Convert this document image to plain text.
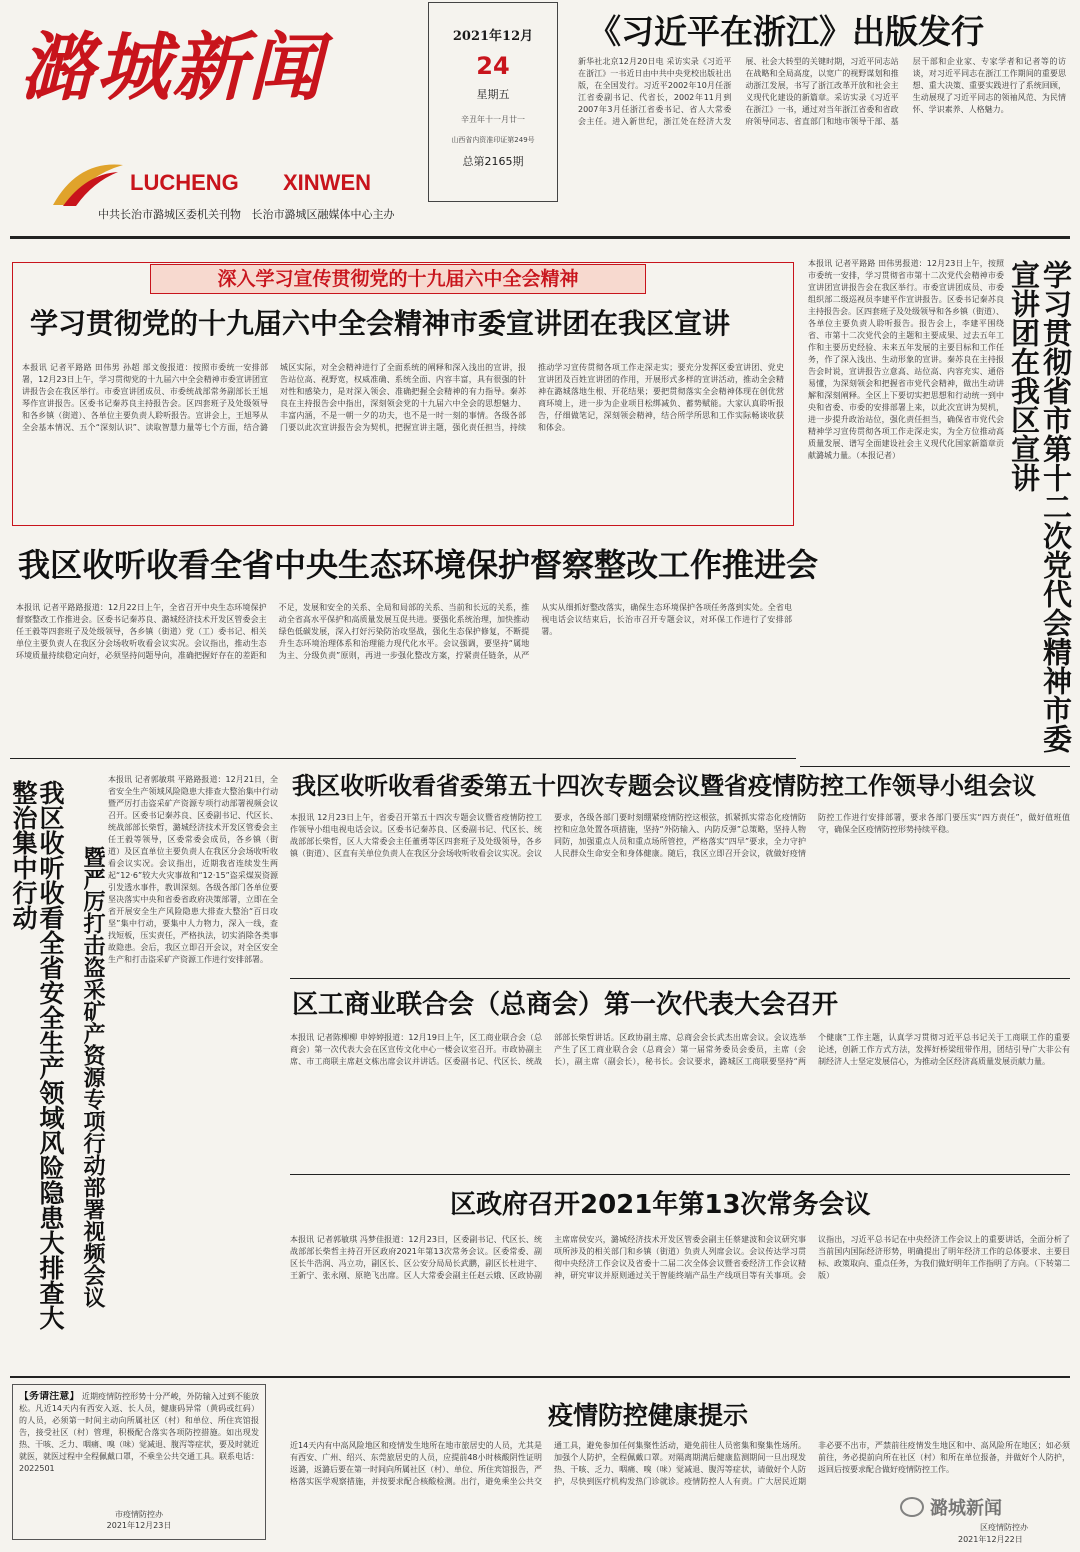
潞城新闻
LUCHENG XINWEN
中共长治市潞城区委机关刊物   长治市潞城区融媒体中心主办
2021年12月
24
星期五
辛丑年十一月廿一
山西省内资准印证第249号
总第2165期
《习近平在浙江》出版发行
新华社北京12月20日电 采访实录《习近平在浙江》一书近日由中共中央党校出版社出版，在全国发行。习近平2002年10月任浙江省委副书记、代省长，2002年11月到2007年3月任浙江省委书记、省人大常委会主任。进入新世纪，浙江处在经济大发展、社会大转型的关键时期，习近平同志站在战略和全局高度，以宽广的视野谋划和推动浙江发展，书写了浙江改革开放和社会主义现代化建设的新篇章。采访实录《习近平在浙江》一书，通过对当年浙江省委和省政府领导同志、省直部门和地市领导干部、基层干部和企业家、专家学者和记者等的访谈，对习近平同志在浙江工作期间的重要思想、重大决策、重要实践进行了系统回顾，生动展现了习近平同志的领袖风范、为民情怀、学识素养、人格魅力。
深入学习宣传贯彻党的十九届六中全会精神
学习贯彻党的十九届六中全会精神市委宣讲团在我区宣讲
本报讯 记者平路路 田伟男 孙超 部文俊报道：按照市委统一安排部署，12月23日上午，学习贯彻党的十九届六中全会精神市委宣讲团宣讲报告会在我区举行。市委宣讲团成员、市委统战部常务副部长王旭琴作宣讲报告。区委书记秦苏良主持报告会。区四套班子及处级领导和各乡镇（街道）、各单位主要负责人聆听报告。宣讲会上，王旭琴从全会基本情况、五个“深刻认识”、读取智慧力量等七个方面，结合潞城区实际，对全会精神进行了全面系统的阐释和深入浅出的宣讲，报告站位高、视野宽，权威准确、系统全面、内容丰富，具有很强的针对性和感染力，是对深入领会、准确把握全会精神的有力指导。秦苏良在主持报告会中指出，深刻领会党的十九届六中全会的思想魅力、丰富内涵，不是一朝一夕的功夫，也不是一时一刻的事情。各级各部门要以此次宣讲报告会为契机，把握宣讲主题，强化责任担当，持续推动学习宣传贯彻各项工作走深走实；要充分发挥区委宣讲团、党史宣讲团及百姓宣讲团的作用，开展形式多样的宣讲活动，推动全会精神在潞城落地生根、开花结果；要把贯彻落实全会精神体现在创优营商环境上，进一步为企业项目松绑减负、蓄势赋能。大家认真聆听报告，仔细做笔记，深刻领会精神，结合所学所思和工作实际畅谈收获和体会。
我区收听收看全省中央生态环境保护督察整改工作推进会
本报讯 记者平路路报道：12月22日上午，全省召开中央生态环境保护督察整改工作推进会。区委书记秦苏良、潞城经济技术开发区管委会主任王毅等四套班子及处级领导，各乡镇（街道）党（工）委书记、相关单位主要负责人在我区分会场收听收看会议实况。会议指出，推动生态环境质量持续稳定向好，必须坚持问题导向，准确把握好存在的差距和不足，发展和安全的关系、全局和局部的关系、当前和长远的关系，推动全省高水平保护和高质量发展互促共进。要强化系统治理，加快推动绿色低碳发展，深入打好污染防治攻坚战，强化生态保护修复，不断提升生态环境治理体系和治理能力现代化水平。会议强调，要坚持“属地为主、分级负责”原则，再进一步强化整改方案，拧紧责任链条，从严从实从细抓好整改落实，确保生态环境保护各项任务落到实处。全省电视电话会议结束后，长治市召开专题会议，对环保工作进行了安排部署。
本报讯 记者平路路 田伟男报道：12月23日上午，按照市委统一安排，学习贯彻省市第十二次党代会精神市委宣讲团宣讲报告会在我区举行。市委宣讲团成员、市委组织部二级巡视员李建平作宣讲报告。区委书记秦苏良主持报告会。区四套班子及处级领导和各乡镇（街道）、各单位主要负责人聆听报告。报告会上，李建平围绕省、市第十二次党代会的主题和主要成果、过去五年工作和主要历史经验、未来五年发展的主要目标和工作任务，作了深入浅出、生动形象的宣讲。秦苏良在主持报告会时说，宣讲报告立意高、站位高、内容充实、通俗易懂，为深刻领会和把握省市党代会精神，做出生动讲解和深刻阐释。全区上下要切实把思想和行动统一到中央和省委、市委的安排部署上来，以此次宣讲为契机，进一步提升政治站位，强化责任担当，确保省市党代会精神学习宣传贯彻各项工作走深走实，为全方位推动高质量发展、谱写全面建设社会主义现代化国家新篇章贡献潞城力量。（本报记者）	学习贯彻省市第十二次党代会精神市委宣讲团在我区宣讲
我区收听收看全省安全生产领域风险隐患大排查大整治集中行动	暨严厉打击盗采矿产资源专项行动部署视频会议
本报讯 记者郭敏琪 平路路报道：12月21日，全省安全生产领域风险隐患大排查大整治集中行动暨严厉打击盗采矿产资源专项行动部署视频会议召开。区委书记秦苏良、区委副书记、代区长、统战部部长柴哲，潞城经济技术开发区管委会主任王毅等领导，区委常委会成员，各乡镇（街道）及区直单位主要负责人在我区分会场收听收看会议实况。会议指出，近期我省连续发生两起“12·6”较大火灾事故和“12·15”盗采煤炭资源引发透水事件，教训深刻。各级各部门各单位要坚决落实中央和省委省政府决策部署，立即在全省开展安全生产风险隐患大排查大整治“百日攻坚”集中行动，要集中人力物力，深入一线，查找短板，压实责任，严格执法，切实消除各类事故隐患。会后，我区立即召开会议，对全区安全生产和打击盗采矿产资源工作进行安排部署。
我区收听收看省委第五十四次专题会议暨省疫情防控工作领导小组会议
本报讯 12月23日上午，省委召开第五十四次专题会议暨省疫情防控工作领导小组电视电话会议。区委书记秦苏良、区委副书记、代区长、统战部部长柴哲，区人大常委会主任董勇等区四套班子及处级领导，各乡镇（街道）、区直有关单位负责人在我区分会场收听收看会议实况。会议要求，各级各部门要时刻绷紧疫情防控这根弦，抓紧抓实常态化疫情防控和应急处置各项措施，坚持“外防输入、内防反弹”总策略，坚持人物同防，加强重点人员和重点场所管控，严格落实“四早”要求，全力守护人民群众生命安全和身体健康。随后，我区立即召开会议，就做好疫情防控工作进行安排部署，要求各部门要压实“四方责任”，做好值班值守，确保全区疫情防控形势持续平稳。
区工商业联合会（总商会）第一次代表大会召开
本报讯 记者陈柳柳 申婷婷报道：12月19日上午，区工商业联合会（总商会）第一次代表大会在区宣传文化中心一楼会议室召开。市政协副主席、市工商联主席赵文栋出席会议并讲话。区委副书记、代区长、统战部部长柴哲讲话。区政协副主席、总商会会长武杰出席会议。会议选举产生了区工商业联合会（总商会）第一届常务委员会委员，主席（会长），副主席（副会长），秘书长。会议要求，潞城区工商联要坚持“两个健康”工作主题，认真学习贯彻习近平总书记关于工商联工作的重要论述，创新工作方式方法，发挥好桥梁纽带作用，团结引导广大非公有制经济人士坚定发展信心，为推动全区经济高质量发展贡献力量。
区政府召开2021年第13次常务会议
本报讯 记者郭敏琪 冯梦佳报道：12月23日，区委副书记、代区长、统战部部长柴哲主持召开区政府2021年第13次常务会议。区委常委、副区长牛浩润、冯立功，副区长、区公安分局局长武鹏，副区长杜进宇、王新宁、张永刚、原艳飞出席。区人大常委会副主任赵云娥、区政协副主席席侯安兴，潞城经济技术开发区管委会副主任蔡建波和会议研究事项所涉及的相关部门和乡镇（街道）负责人列席会议。会议传达学习贯彻中央经济工作会议及省委十二届二次全体会议暨省委经济工作会议精神，研究审议并原则通过关于智能终端产品生产线项目等有关事项。会议指出，习近平总书记在中央经济工作会议上的重要讲话，全面分析了当前国内国际经济形势，明确提出了明年经济工作的总体要求、主要目标、政策取向、重点任务，为我们做好明年工作指明了方向。（下转第二版）
【务请注意】 近期疫情防控形势十分严峻，外防输入过到不能放松。凡近14天内有西安入返、长人员，健康码异常（黄码或红码）的人员，必须第一时间主动向所属社区（村）和单位、所住宾馆报告，接受社区（村）管理，积极配合落实各项防控措施。如出现发热、干咳、乏力、咽痛、嗅（味）觉减退、腹泻等症状，要及时就近就医，就医过程中全程佩戴口罩，不乘坐公共交通工具。联系电话：2022501
市疫情防控办
2021年12月23日
疫情防控健康提示
近14天内有中高风险地区和疫情发生地所在地市旅居史的人员，尤其是有西安、广州、绍兴、东莞旅居史的人员，应提前48小时核酸阴性证明返潞，返潞后要在第一时间向所属社区（村）、单位、所住宾馆报告，严格落实医学观察措施，并按要求配合核酸检测。出行，避免乘坐公共交通工具，避免参加任何集聚性活动，避免前往人员密集和聚集性场所。加强个人防护，全程佩戴口罩。对隔离期满后健康监测期间一旦出现发热、干咳、乏力、咽痛、嗅（味）觉减退、腹泻等症状，请做好个人防护，尽快到医疗机构发热门诊就诊。疫情防控人人有责。广大居民近期非必要不出市，严禁前往疫情发生地区和中、高风险所在地区；如必须前往，务必提前向所在社区（村）和所在单位报备，并做好个人防护，返回后按要求配合做好疫情防控工作。
区疫情防控办
2021年12月22日
潞城新闻
